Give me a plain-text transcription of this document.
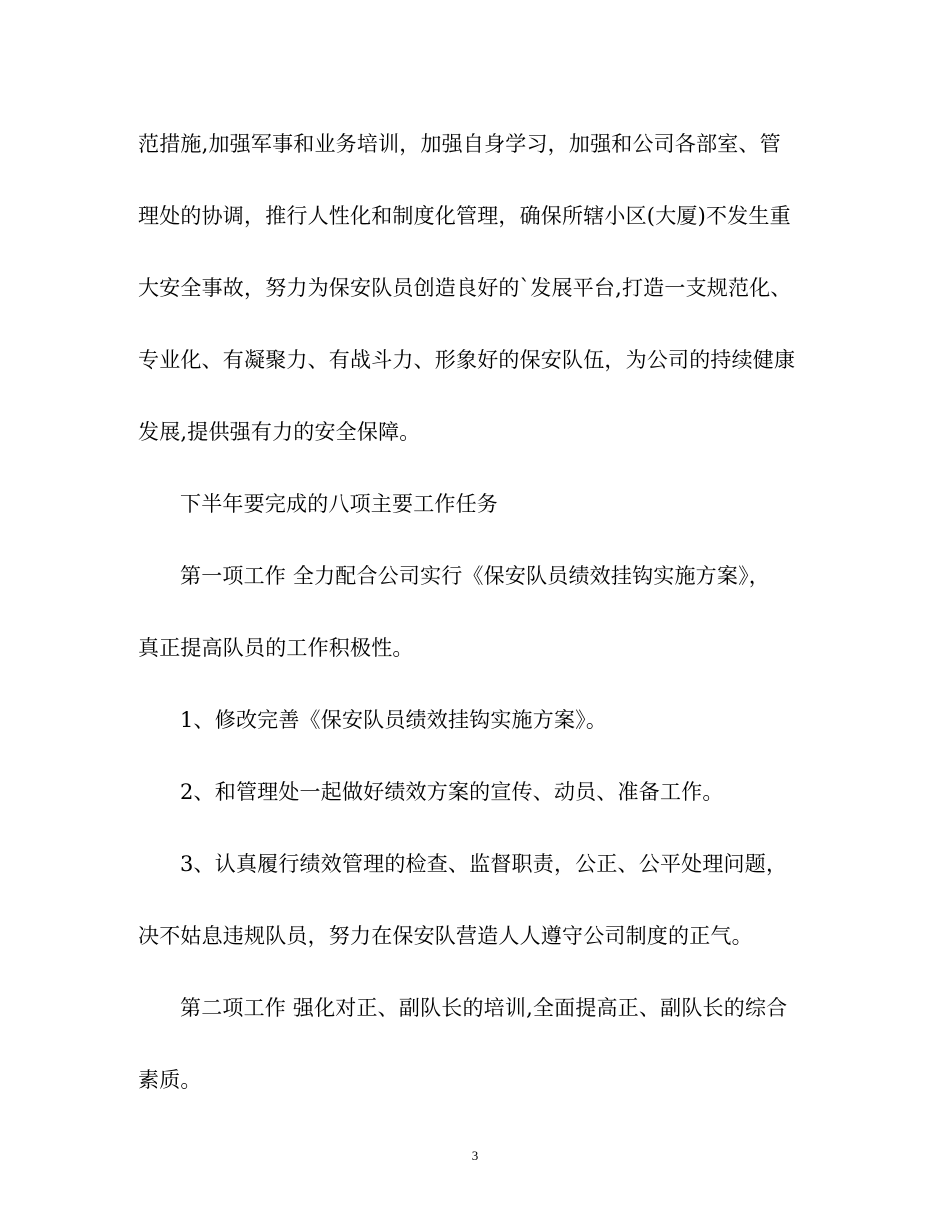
范措施,加强军事和业务培训，加强自身学习，加强和公司各部室、管
理处的协调，推行人性化和制度化管理，确保所辖小区(大厦)不发生重
大安全事故，努力为保安队员创造良好的`发展平台,打造一支规范化、
专业化、有凝聚力、有战斗力、形象好的保安队伍，为公司的持续健康
发展,提供强有力的安全保障。
下半年要完成的八项主要工作任务
第一项工作 全力配合公司实行《保安队员绩效挂钩实施方案》，
真正提高队员的工作积极性。
1、修改完善《保安队员绩效挂钩实施方案》。
2、和管理处一起做好绩效方案的宣传、动员、准备工作。
3、认真履行绩效管理的检查、监督职责，公正、公平处理问题，
决不姑息违规队员，努力在保安队营造人人遵守公司制度的正气。
第二项工作 强化对正、副队长的培训,全面提高正、副队长的综合
素质。
3
